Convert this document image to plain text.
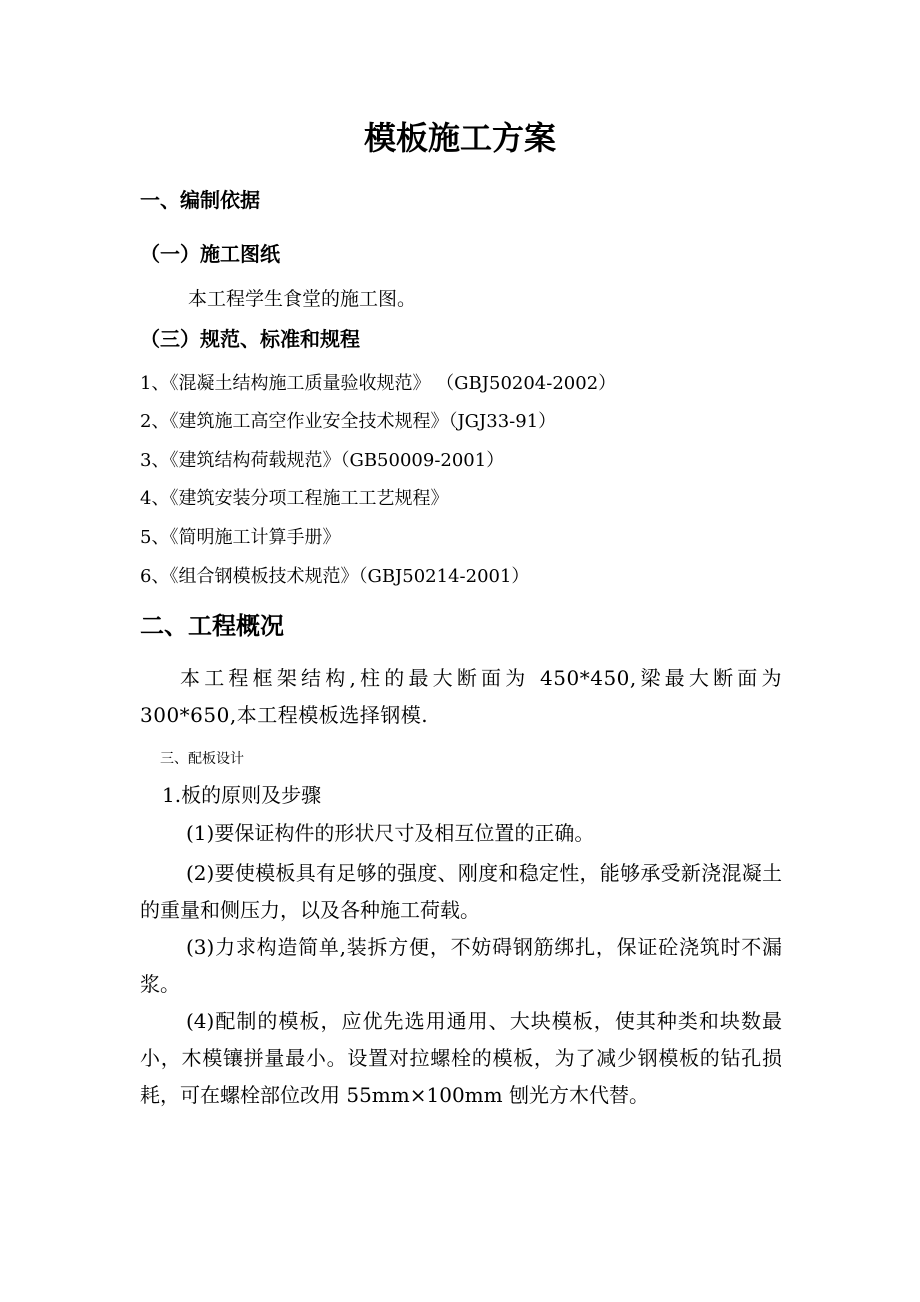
模板施工方案
一、编制依据
（一）施工图纸

本工程学生食堂的施工图。

（三）规范、标准和规程

1、《混凝土结构施工质量验收规范》 （GBJ50204-2002）

2、《建筑施工高空作业安全技术规程》（JGJ33-91）

3、《建筑结构荷载规范》（GB50009-2001）

4、《建筑安装分项工程施工工艺规程》

5、《简明施工计算手册》

6、《组合钢模板技术规范》（GBJ50214-2001）

二、工程概况

本工程框架结构,柱的最大断面为 450*450,梁最大断面为 300*650,本工程模板选择钢模.

三、配板设计

1.板的原则及步骤

(1)要保证构件的形状尺寸及相互位置的正确。

(2)要使模板具有足够的强度、刚度和稳定性，能够承受新浇混凝土的重量和侧压力，以及各种施工荷载。

(3)力求构造简单,装拆方便，不妨碍钢筋绑扎，保证砼浇筑时不漏浆。

(4)配制的模板，应优先选用通用、大块模板，使其种类和块数最小，木模镶拼量最小。设置对拉螺栓的模板，为了减少钢模板的钻孔损耗，可在螺栓部位改用 55mm×100mm 刨光方木代替。
